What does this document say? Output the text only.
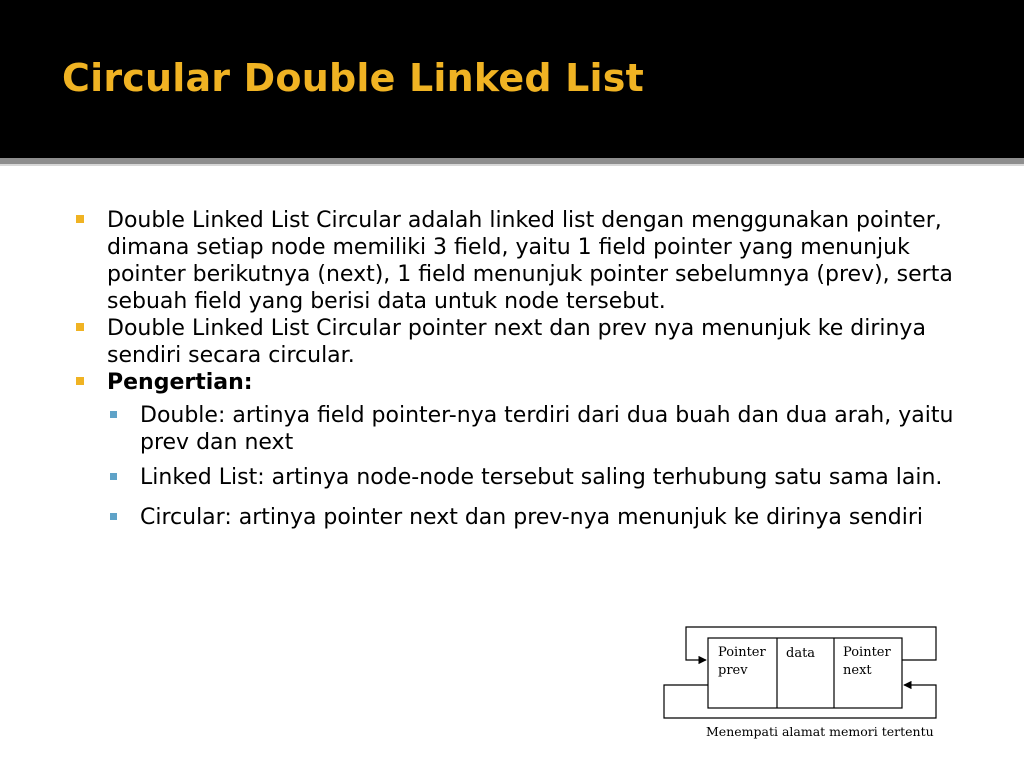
Circular Double Linked List
Double Linked List Circular adalah linked list dengan menggunakan pointer, dimana setiap node memiliki 3 field, yaitu 1 field pointer yang menunjuk pointer berikutnya (next), 1 field menunjuk pointer sebelumnya (prev), serta sebuah field yang berisi data untuk node tersebut.
Double Linked List Circular pointer next dan prev nya menunjuk ke dirinya sendiri secara circular.
Pengertian:
Double: artinya field pointer-nya terdiri dari dua buah dan dua arah, yaitu prev dan next
Linked List: artinya node-node tersebut saling terhubung satu sama lain.
Circular: artinya pointer next dan prev-nya menunjuk ke dirinya sendiri
Pointer
prev
data Pointer
next
Menempati alamat memori tertentu
